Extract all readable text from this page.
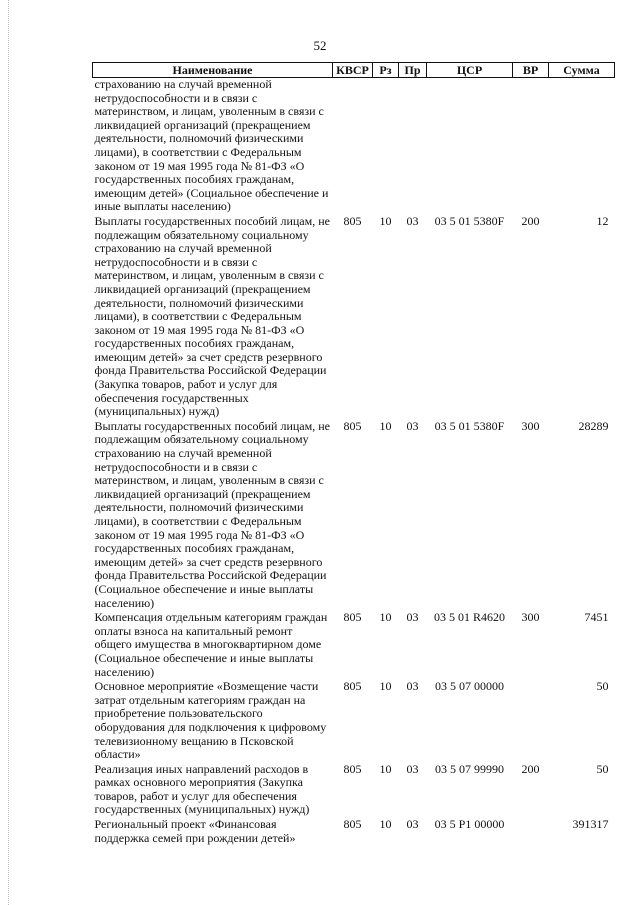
52
Наименование	КВСР	Рз	Пр	ЦСР	ВР	Сумма
страхованию на случай временной нетрудоспособности и в связи с материнством, и лицам, уволенным в связи с ликвидацией организаций (прекращением деятельности, полномочий физическими лицами), в соответствии с Федеральным законом от 19 мая 1995 года № 81-ФЗ «О государственных пособиях гражданам, имеющим детей» (Социальное обеспечение и иные выплаты населению)						
Выплаты государственных пособий лицам, не подлежащим обязательному социальному страхованию на случай временной нетрудоспособности и в связи с материнством, и лицам, уволенным в связи с ликвидацией организаций (прекращением деятельности, полномочий физическими лицами), в соответствии с Федеральным законом от 19 мая 1995 года № 81-ФЗ «О государственных пособиях гражданам, имеющим детей» за счет средств резервного фонда Правительства Российской Федерации (Закупка товаров, работ и услуг для обеспечения государственных (муниципальных) нужд)	805	10	03	03 5 01 5380F	200	12
Выплаты государственных пособий лицам, не подлежащим обязательному социальному страхованию на случай временной нетрудоспособности и в связи с материнством, и лицам, уволенным в связи с ликвидацией организаций (прекращением деятельности, полномочий физическими лицами), в соответствии с Федеральным законом от 19 мая 1995 года № 81-ФЗ «О государственных пособиях гражданам, имеющим детей» за счет средств резервного фонда Правительства Российской Федерации (Социальное обеспечение и иные выплаты населению)	805	10	03	03 5 01 5380F	300	28289
Компенсация отдельным категориям граждан оплаты взноса на капитальный ремонт общего имущества в многоквартирном доме (Социальное обеспечение и иные выплаты населению)	805	10	03	03 5 01 R4620	300	7451
Основное мероприятие «Возмещение части затрат отдельным категориям граждан на приобретение пользовательского оборудования для подключения к цифровому телевизионному вещанию в Псковской области»	805	10	03	03 5 07 00000		50
Реализация иных направлений расходов в рамках основного мероприятия (Закупка товаров, работ и услуг для обеспечения государственных (муниципальных) нужд)	805	10	03	03 5 07 99990	200	50
Региональный проект «Финансовая поддержка семей при рождении детей»	805	10	03	03 5 P1 00000		391317
